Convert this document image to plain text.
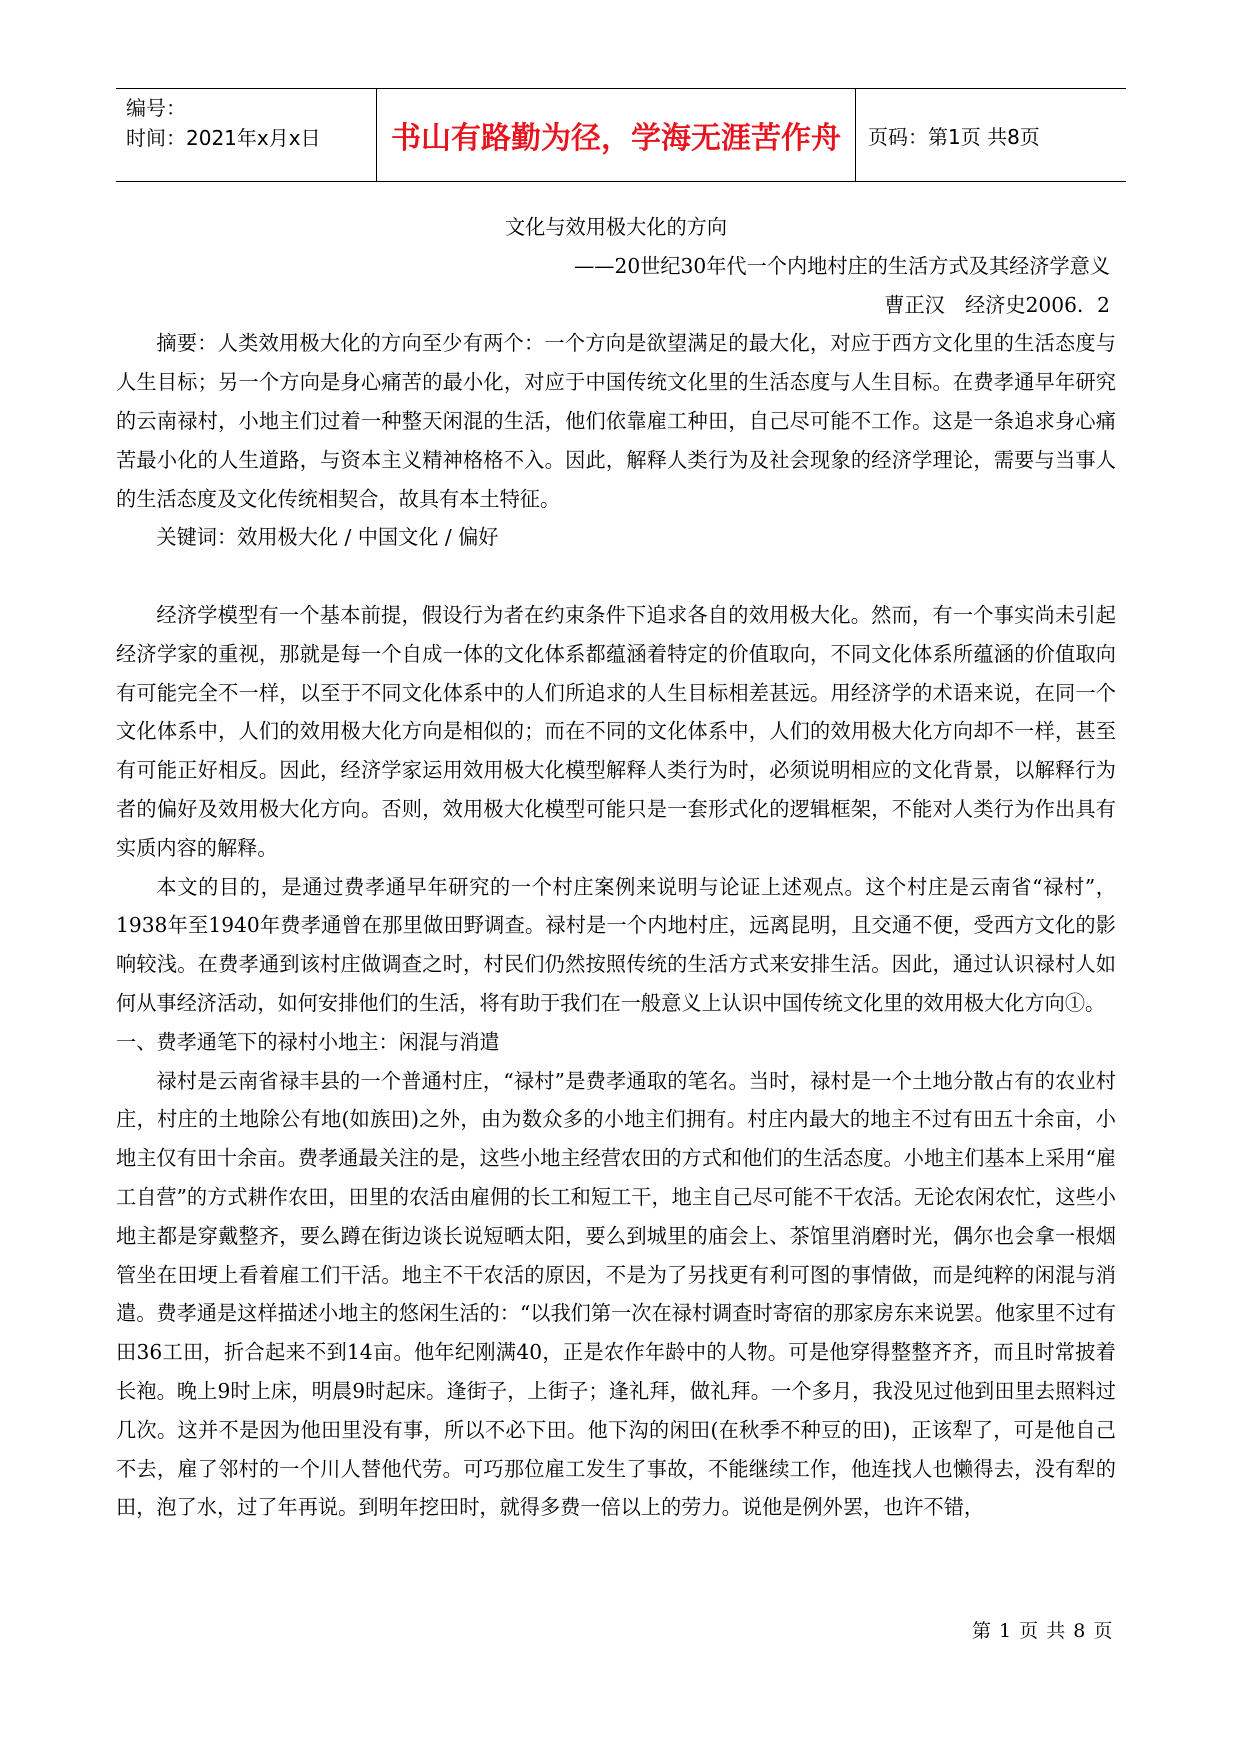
编号：
时间：2021年x月x日	书山有路勤为径，学海无涯苦作舟	页码：第1页 共8页

文化与效用极大化的方向

——20世纪30年代一个内地村庄的生活方式及其经济学意义

曹正汉　经济史2006．2

摘要：人类效用极大化的方向至少有两个：一个方向是欲望满足的最大化，对应于西方文化里的生活态度与人生目标；另一个方向是身心痛苦的最小化，对应于中国传统文化里的生活态度与人生目标。在费孝通早年研究的云南禄村，小地主们过着一种整天闲混的生活，他们依靠雇工种田，自己尽可能不工作。这是一条追求身心痛苦最小化的人生道路，与资本主义精神格格不入。因此，解释人类行为及社会现象的经济学理论，需要与当事人的生活态度及文化传统相契合，故具有本土特征。

关键词：效用极大化 / 中国文化 / 偏好

经济学模型有一个基本前提，假设行为者在约束条件下追求各自的效用极大化。然而，有一个事实尚未引起经济学家的重视，那就是每一个自成一体的文化体系都蕴涵着特定的价值取向，不同文化体系所蕴涵的价值取向有可能完全不一样，以至于不同文化体系中的人们所追求的人生目标相差甚远。用经济学的术语来说，在同一个文化体系中，人们的效用极大化方向是相似的；而在不同的文化体系中，人们的效用极大化方向却不一样，甚至有可能正好相反。因此，经济学家运用效用极大化模型解释人类行为时，必须说明相应的文化背景，以解释行为者的偏好及效用极大化方向。否则，效用极大化模型可能只是一套形式化的逻辑框架，不能对人类行为作出具有实质内容的解释。

本文的目的，是通过费孝通早年研究的一个村庄案例来说明与论证上述观点。这个村庄是云南省“禄村”，1938年至1940年费孝通曾在那里做田野调查。禄村是一个内地村庄，远离昆明，且交通不便，受西方文化的影响较浅。在费孝通到该村庄做调查之时，村民们仍然按照传统的生活方式来安排生活。因此，通过认识禄村人如何从事经济活动，如何安排他们的生活，将有助于我们在一般意义上认识中国传统文化里的效用极大化方向①。

一、费孝通笔下的禄村小地主：闲混与消遣

禄村是云南省禄丰县的一个普通村庄，“禄村”是费孝通取的笔名。当时，禄村是一个土地分散占有的农业村庄，村庄的土地除公有地(如族田)之外，由为数众多的小地主们拥有。村庄内最大的地主不过有田五十余亩，小地主仅有田十余亩。费孝通最关注的是，这些小地主经营农田的方式和他们的生活态度。小地主们基本上采用“雇工自营”的方式耕作农田，田里的农活由雇佣的长工和短工干，地主自己尽可能不干农活。无论农闲农忙，这些小地主都是穿戴整齐，要么蹲在街边谈长说短晒太阳，要么到城里的庙会上、茶馆里消磨时光，偶尔也会拿一根烟管坐在田埂上看着雇工们干活。地主不干农活的原因，不是为了另找更有利可图的事情做，而是纯粹的闲混与消遣。费孝通是这样描述小地主的悠闲生活的：“以我们第一次在禄村调查时寄宿的那家房东来说罢。他家里不过有田36工田，折合起来不到14亩。他年纪刚满40，正是农作年龄中的人物。可是他穿得整整齐齐，而且时常披着长袍。晚上9时上床，明晨9时起床。逢街子，上街子；逢礼拜，做礼拜。一个多月，我没见过他到田里去照料过几次。这并不是因为他田里没有事，所以不必下田。他下沟的闲田(在秋季不种豆的田)，正该犁了，可是他自己不去，雇了邻村的一个川人替他代劳。可巧那位雇工发生了事故，不能继续工作，他连找人也懒得去，没有犁的田，泡了水，过了年再说。到明年挖田时，就得多费一倍以上的劳力。说他是例外罢，也许不错，

第 1 页 共 8 页
